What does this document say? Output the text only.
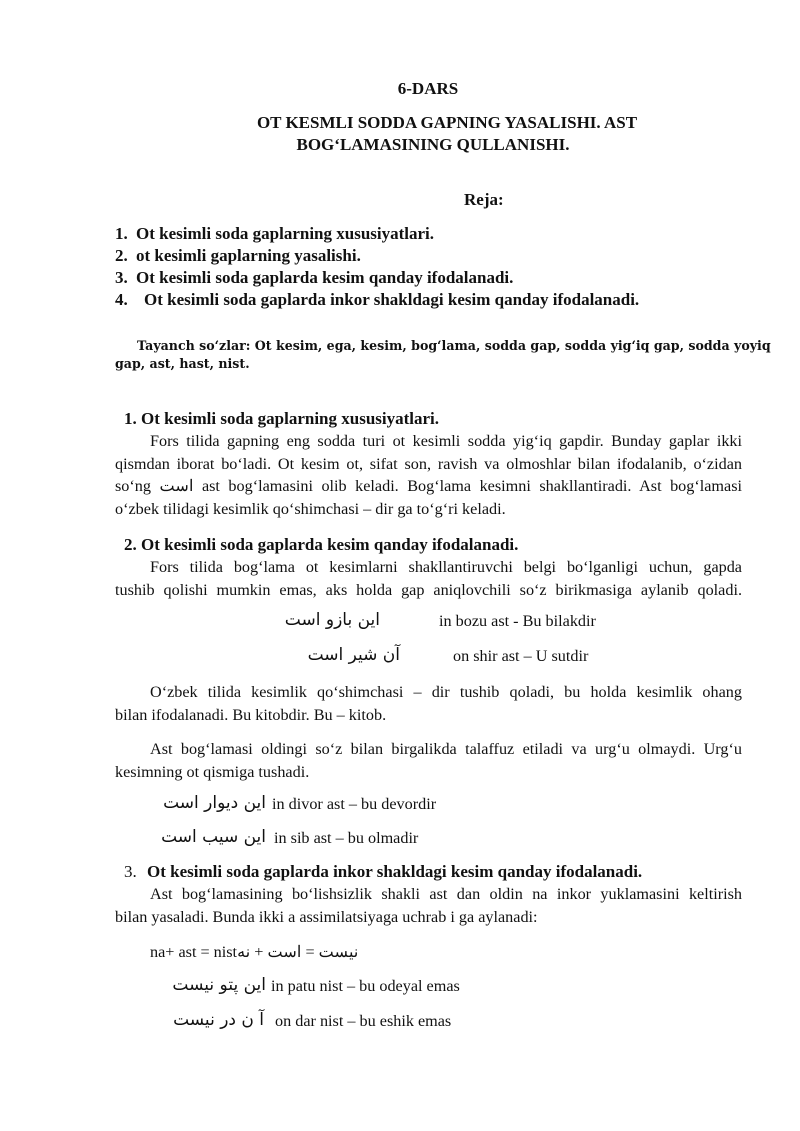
6-DARS
OT KESMLI SODDA GAPNING YASALISHI. AST
BOG‘LAMASINING QULLANISHI.
Reja:
1. Ot kesimli soda gaplarning xususiyatlari.
2. ot kesimli gaplarning yasalishi.
3. Ot kesimli soda gaplarda kesim qanday ifodalanadi.
4. Ot kesimli soda gaplarda inkor shakldagi kesim qanday ifodalanadi.
Tayanch so‘zlar: Ot kesim, ega, kesim, bog‘lama, sodda gap, sodda yig‘iq gap, sodda yoyiq
gap, ast, hast, nist.
1. Ot kesimli soda gaplarning xususiyatlari.
Fors tilida gapning eng sodda turi ot kesimli sodda yig‘iq gapdir. Bunday gaplar ikki
qismdan iborat bo‘ladi. Ot kesim ot, sifat son, ravish va olmoshlar bilan ifodalanib, o‘zidan
so‘ng است ast bog‘lamasini olib keladi. Bog‘lama kesimni shakllantiradi. Ast bog‘lamasi
o‘zbek tilidagi kesimlik qo‘shimchasi – dir ga to‘g‘ri keladi.
2. Ot kesimli soda gaplarda kesim qanday ifodalanadi.
Fors tilida bog‘lama ot kesimlarni shakllantiruvchi belgi bo‘lganligi uchun, gapda
tushib qolishi mumkin emas, aks holda gap aniqlovchili so‘z birikmasiga aylanib qoladi.
این بازو است	in bozu ast - Bu bilakdir
آن شیر است	on shir ast – U sutdir
O‘zbek tilida kesimlik qo‘shimchasi – dir tushib qoladi, bu holda kesimlik ohang
bilan ifodalanadi. Bu kitobdir. Bu – kitob.
Ast bog‘lamasi oldingi so‘z bilan birgalikda talaffuz etiladi va urg‘u olmaydi. Urg‘u
kesimning ot qismiga tushadi.
این دیوار است in divor ast – bu devordir
این سیب است in sib ast – bu olmadir
3. Ot kesimli soda gaplarda inkor shakldagi kesim qanday ifodalanadi.
Ast bog‘lamasining bo‘lishsizlik shakli ast dan oldin na inkor yuklamasini keltirish
bilan yasaladi. Bunda ikki a assimilatsiyaga uchrab i ga aylanadi:
na+ ast = nistنیست = است + نه
این پتو نیست in patu nist – bu odeyal emas
آ ن در نیست on dar nist – bu eshik emas
